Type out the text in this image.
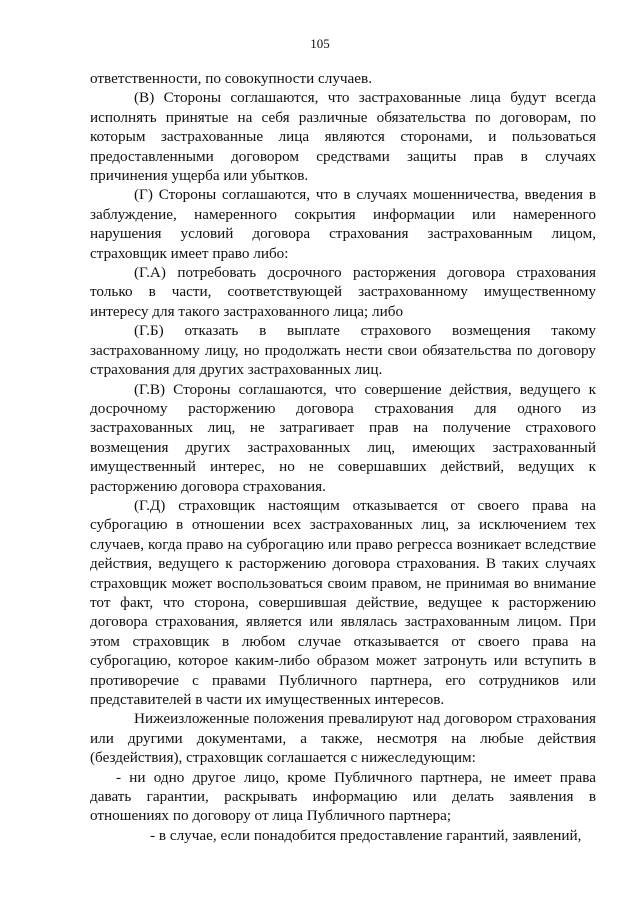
105

ответственности, по совокупности случаев.

(В) Стороны соглашаются, что застрахованные лица будут всегда исполнять принятые на себя различные обязательства по договорам, по которым застрахованные лица являются сторонами, и пользоваться предоставленными договором средствами защиты прав в случаях причинения ущерба или убытков.

(Г) Стороны соглашаются, что в случаях мошенничества, введения в заблуждение, намеренного сокрытия информации или намеренного нарушения условий договора страхования застрахованным лицом, страховщик имеет право либо:

(Г.А) потребовать досрочного расторжения договора страхования только в части, соответствующей застрахованному имущественному интересу для такого застрахованного лица; либо

(Г.Б) отказать в выплате страхового возмещения такому застрахованному лицу, но продолжать нести свои обязательства по договору страхования для других застрахованных лиц.

(Г.В) Стороны соглашаются, что совершение действия, ведущего к досрочному расторжению договора страхования для одного из застрахованных лиц, не затрагивает прав на получение страхового возмещения других застрахованных лиц, имеющих застрахованный имущественный интерес, но не совершавших действий, ведущих к расторжению договора страхования.

(Г.Д) страховщик настоящим отказывается от своего права на суброгацию в отношении всех застрахованных лиц, за исключением тех случаев, когда право на суброгацию или право регресса возникает вследствие действия, ведущего к расторжению договора страхования. В таких случаях страховщик может воспользоваться своим правом, не принимая во внимание тот факт, что сторона, совершившая действие, ведущее к расторжению договора страхования, является или являлась застрахованным лицом. При этом страховщик в любом случае отказывается от своего права на суброгацию, которое каким-либо образом может затронуть или вступить в противоречие с правами Публичного партнера, его сотрудников или представителей в части их имущественных интересов.

Нижеизложенные положения превалируют над договором страхования или другими документами, а также, несмотря на любые действия (бездействия), страховщик соглашается с нижеследующим:

- ни одно другое лицо, кроме Публичного партнера, не имеет права давать гарантии, раскрывать информацию или делать заявления в отношениях по договору от лица Публичного партнера;

- в случае, если понадобится предоставление гарантий, заявлений,
